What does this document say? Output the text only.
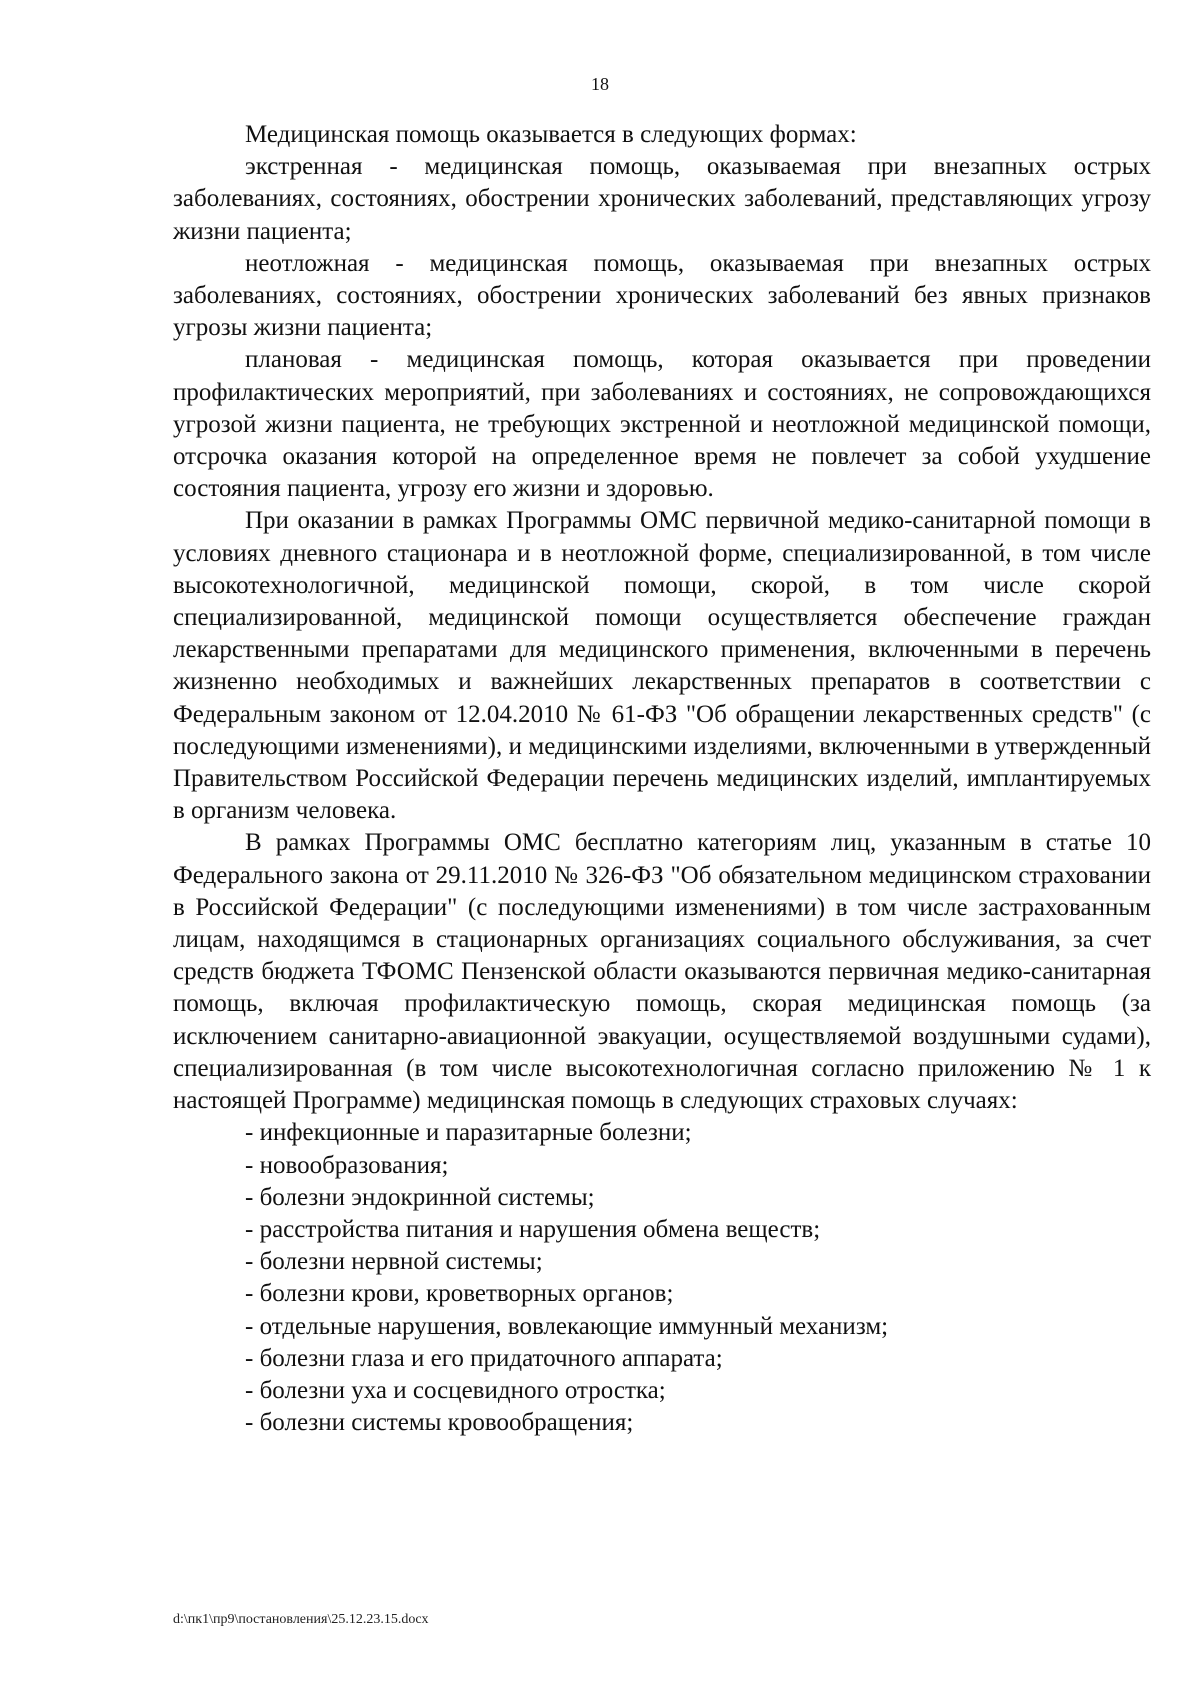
18

Медицинская помощь оказывается в следующих формах:

экстренная - медицинская помощь, оказываемая при внезапных острых заболеваниях, состояниях, обострении хронических заболеваний, представляющих угрозу жизни пациента;

неотложная - медицинская помощь, оказываемая при внезапных острых заболеваниях, состояниях, обострении хронических заболеваний без явных признаков угрозы жизни пациента;

плановая - медицинская помощь, которая оказывается при проведении профилактических мероприятий, при заболеваниях и состояниях, не сопровождающихся угрозой жизни пациента, не требующих экстренной и неотложной медицинской помощи, отсрочка оказания которой на определенное время не повлечет за собой ухудшение состояния пациента, угрозу его жизни и здоровью.

При оказании в рамках Программы ОМС первичной медико-санитарной помощи в условиях дневного стационара и в неотложной форме, специализированной, в том числе высокотехнологичной, медицинской помощи, скорой, в том числе скорой специализированной, медицинской помощи осуществляется обеспечение граждан лекарственными препаратами для медицинского применения, включенными в перечень жизненно необходимых и важнейших лекарственных препаратов в соответствии с Федеральным законом от 12.04.2010 № 61-ФЗ "Об обращении лекарственных средств" (с последующими изменениями), и медицинскими изделиями, включенными в утвержденный Правительством Российской Федерации перечень медицинских изделий, имплантируемых в организм человека.

В рамках Программы ОМС бесплатно категориям лиц, указанным в статье 10 Федерального закона от 29.11.2010 № 326-ФЗ "Об обязательном медицинском страховании в Российской Федерации" (с последующими изменениями) в том числе застрахованным лицам, находящимся в стационарных организациях социального обслуживания, за счет средств бюджета ТФОМС Пензенской области оказываются первичная медико-санитарная помощь, включая профилактическую помощь, скорая медицинская помощь (за исключением санитарно-авиационной эвакуации, осуществляемой воздушными судами), специализированная (в том числе высокотехнологичная согласно приложению № 1 к настоящей Программе) медицинская помощь в следующих страховых случаях:

- инфекционные и паразитарные болезни;
- новообразования;
- болезни эндокринной системы;
- расстройства питания и нарушения обмена веществ;
- болезни нервной системы;
- болезни крови, кроветворных органов;
- отдельные нарушения, вовлекающие иммунный механизм;
- болезни глаза и его придаточного аппарата;
- болезни уха и сосцевидного отростка;
- болезни системы кровообращения;
d:\пк1\пр9\постановления\25.12.23.15.docx
